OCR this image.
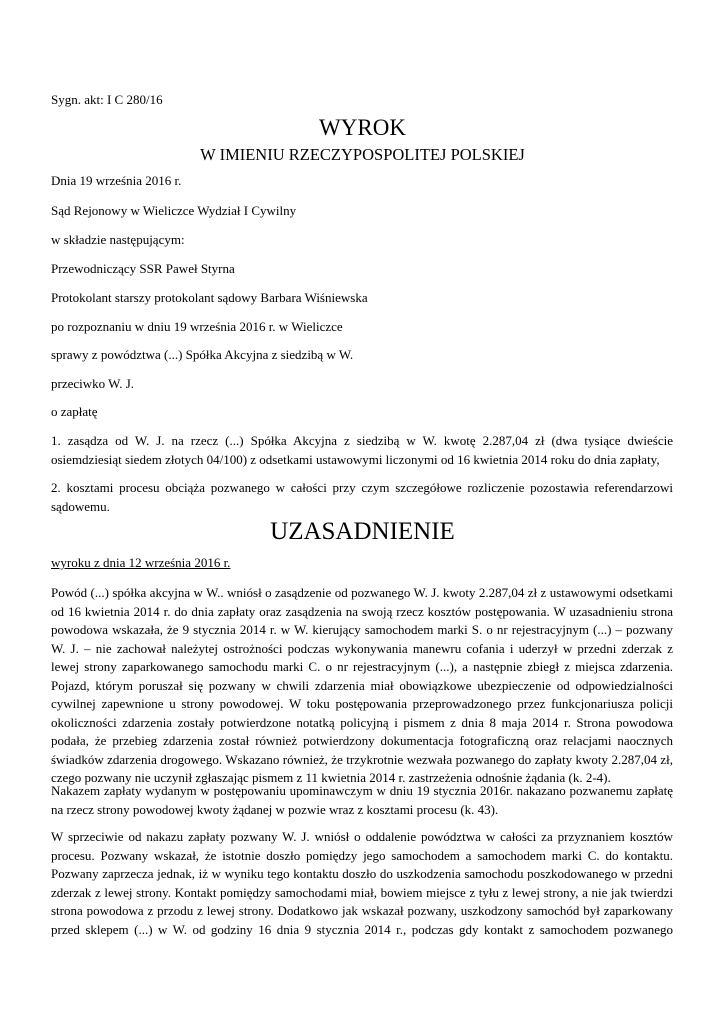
Sygn. akt: I C 280/16
WYROK
W IMIENIU RZECZYPOSPOLITEJ POLSKIEJ
Dnia 19 września 2016 r.
Sąd Rejonowy w Wieliczce Wydział I Cywilny
w składzie następującym:
Przewodniczący SSR Paweł Styrna
Protokolant starszy protokolant sądowy Barbara Wiśniewska
po rozpoznaniu w dniu 19 września 2016 r. w Wieliczce
sprawy z powództwa (...) Spółka Akcyjna z siedzibą w W.
przeciwko W. J.
o zapłatę
1. zasądza od W. J. na rzecz (...) Spółka Akcyjna z siedzibą w W. kwotę 2.287,04 zł (dwa tysiące dwieście osiemdziesiąt siedem złotych 04/100) z odsetkami ustawowymi liczonymi od 16 kwietnia 2014 roku do dnia zapłaty,
2. kosztami procesu obciąża pozwanego w całości przy czym szczegółowe rozliczenie pozostawia referendarzowi sądowemu.
UZASADNIENIE
wyroku z dnia 12 września 2016 r.
Powód (...) spółka akcyjna w W.. wniósł o zasądzenie od pozwanego W. J. kwoty 2.287,04 zł z ustawowymi odsetkami od 16 kwietnia 2014 r. do dnia zapłaty oraz zasądzenia na swoją rzecz kosztów postępowania. W uzasadnieniu strona powodowa wskazała, że 9 stycznia 2014 r. w W. kierujący samochodem marki S. o nr rejestracyjnym (...) – pozwany W. J. – nie zachował należytej ostrożności podczas wykonywania manewru cofania i uderzył w przedni zderzak z lewej strony zaparkowanego samochodu marki C. o nr rejestracyjnym (...), a następnie zbiegł z miejsca zdarzenia. Pojazd, którym poruszał się pozwany w chwili zdarzenia miał obowiązkowe ubezpieczenie od odpowiedzialności cywilnej zapewnione u strony powodowej. W toku postępowania przeprowadzonego przez funkcjonariusza policji okoliczności zdarzenia zostały potwierdzone notatką policyjną i pismem z dnia 8 maja 2014 r. Strona powodowa podała, że przebieg zdarzenia został również potwierdzony dokumentacja fotograficzną oraz relacjami naocznych świadków zdarzenia drogowego. Wskazano również, że trzykrotnie wezwała pozwanego do zapłaty kwoty 2.287,04 zł, czego pozwany nie uczynił zgłaszając pismem z 11 kwietnia 2014 r. zastrzeżenia odnośnie żądania (k. 2-4).
Nakazem zapłaty wydanym w postępowaniu upominawczym w dniu 19 stycznia 2016r. nakazano pozwanemu zapłatę na rzecz strony powodowej kwoty żądanej w pozwie wraz z kosztami procesu (k. 43).
W sprzeciwie od nakazu zapłaty pozwany W. J. wniósł o oddalenie powództwa w całości za przyznaniem kosztów procesu. Pozwany wskazał, że istotnie doszło pomiędzy jego samochodem a samochodem marki C. do kontaktu. Pozwany zaprzecza jednak, iż w wyniku tego kontaktu doszło do uszkodzenia samochodu poszkodowanego w przedni zderzak z lewej strony. Kontakt pomiędzy samochodami miał, bowiem miejsce z tyłu z lewej strony, a nie jak twierdzi strona powodowa z przodu z lewej strony. Dodatkowo jak wskazał pozwany, uszkodzony samochód był zaparkowany przed sklepem (...) w W. od godziny 16 dnia 9 stycznia 2014 r., podczas gdy kontakt z samochodem pozwanego
